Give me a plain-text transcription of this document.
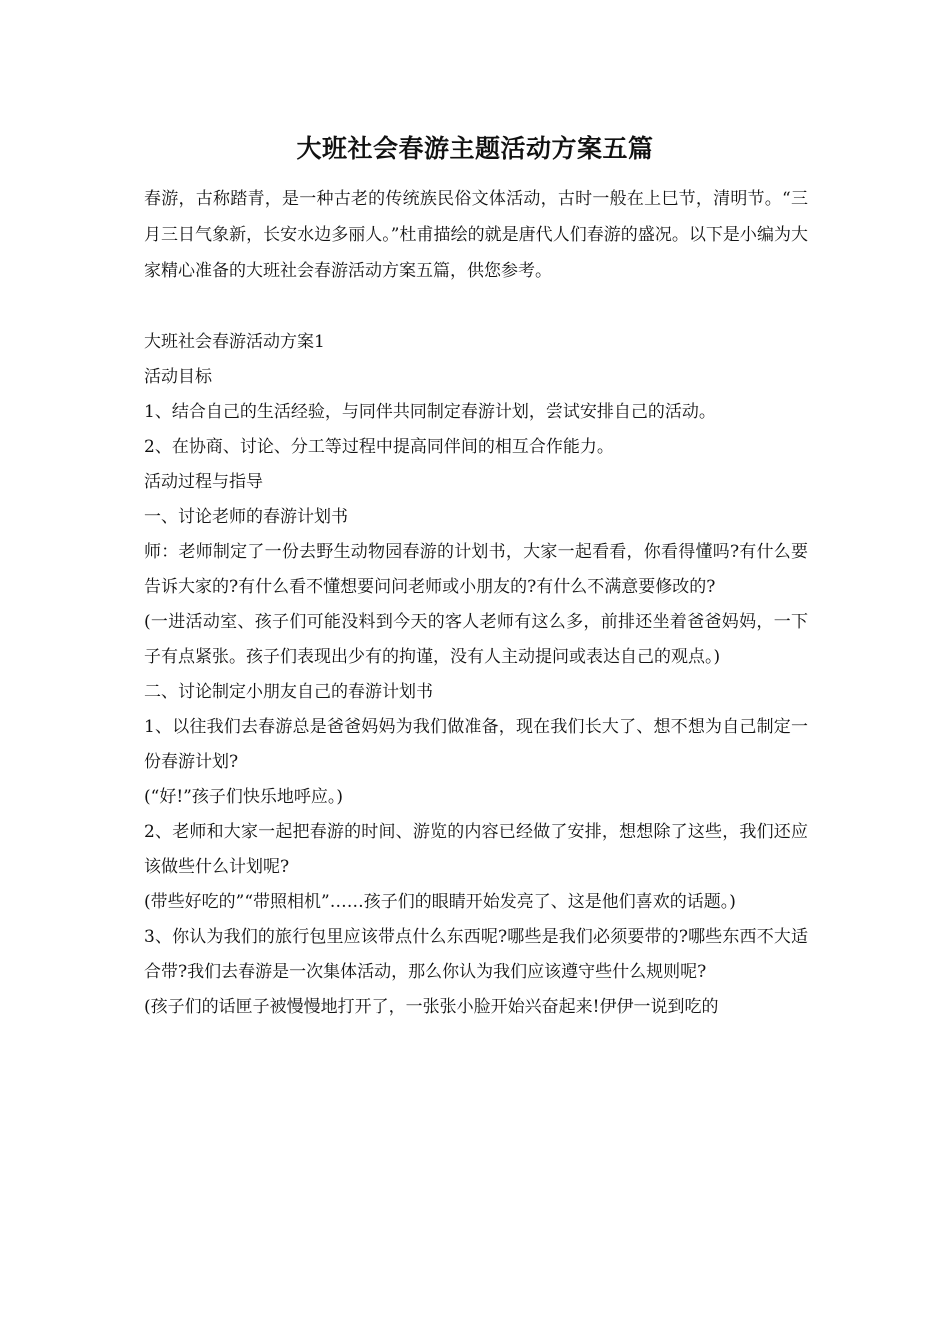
大班社会春游主题活动方案五篇
春游，古称踏青，是一种古老的传统族民俗文体活动，古时一般在上巳节，清明节。“三月三日气象新，长安水边多丽人。”杜甫描绘的就是唐代人们春游的盛况。以下是小编为大家精心准备的大班社会春游活动方案五篇，供您参考。

大班社会春游活动方案1

活动目标

1、结合自己的生活经验，与同伴共同制定春游计划，尝试安排自己的活动。

2、在协商、讨论、分工等过程中提高同伴间的相互合作能力。

活动过程与指导

一、讨论老师的春游计划书

师：老师制定了一份去野生动物园春游的计划书，大家一起看看，你看得懂吗?有什么要告诉大家的?有什么看不懂想要问问老师或小朋友的?有什么不满意要修改的?

(一进活动室、孩子们可能没料到今天的客人老师有这么多，前排还坐着爸爸妈妈，一下子有点紧张。孩子们表现出少有的拘谨，没有人主动提问或表达自己的观点。)

二、讨论制定小朋友自己的春游计划书

1、以往我们去春游总是爸爸妈妈为我们做准备，现在我们长大了、想不想为自己制定一份春游计划?

(“好!”孩子们快乐地呼应。)

2、老师和大家一起把春游的时间、游览的内容已经做了安排，想想除了这些，我们还应该做些什么计划呢?

(带些好吃的”“带照相机”……孩子们的眼睛开始发亮了、这是他们喜欢的话题。)

3、你认为我们的旅行包里应该带点什么东西呢?哪些是我们必须要带的?哪些东西不大适合带?我们去春游是一次集体活动，那么你认为我们应该遵守些什么规则呢?

(孩子们的话匣子被慢慢地打开了，一张张小脸开始兴奋起来!伊伊一说到吃的
